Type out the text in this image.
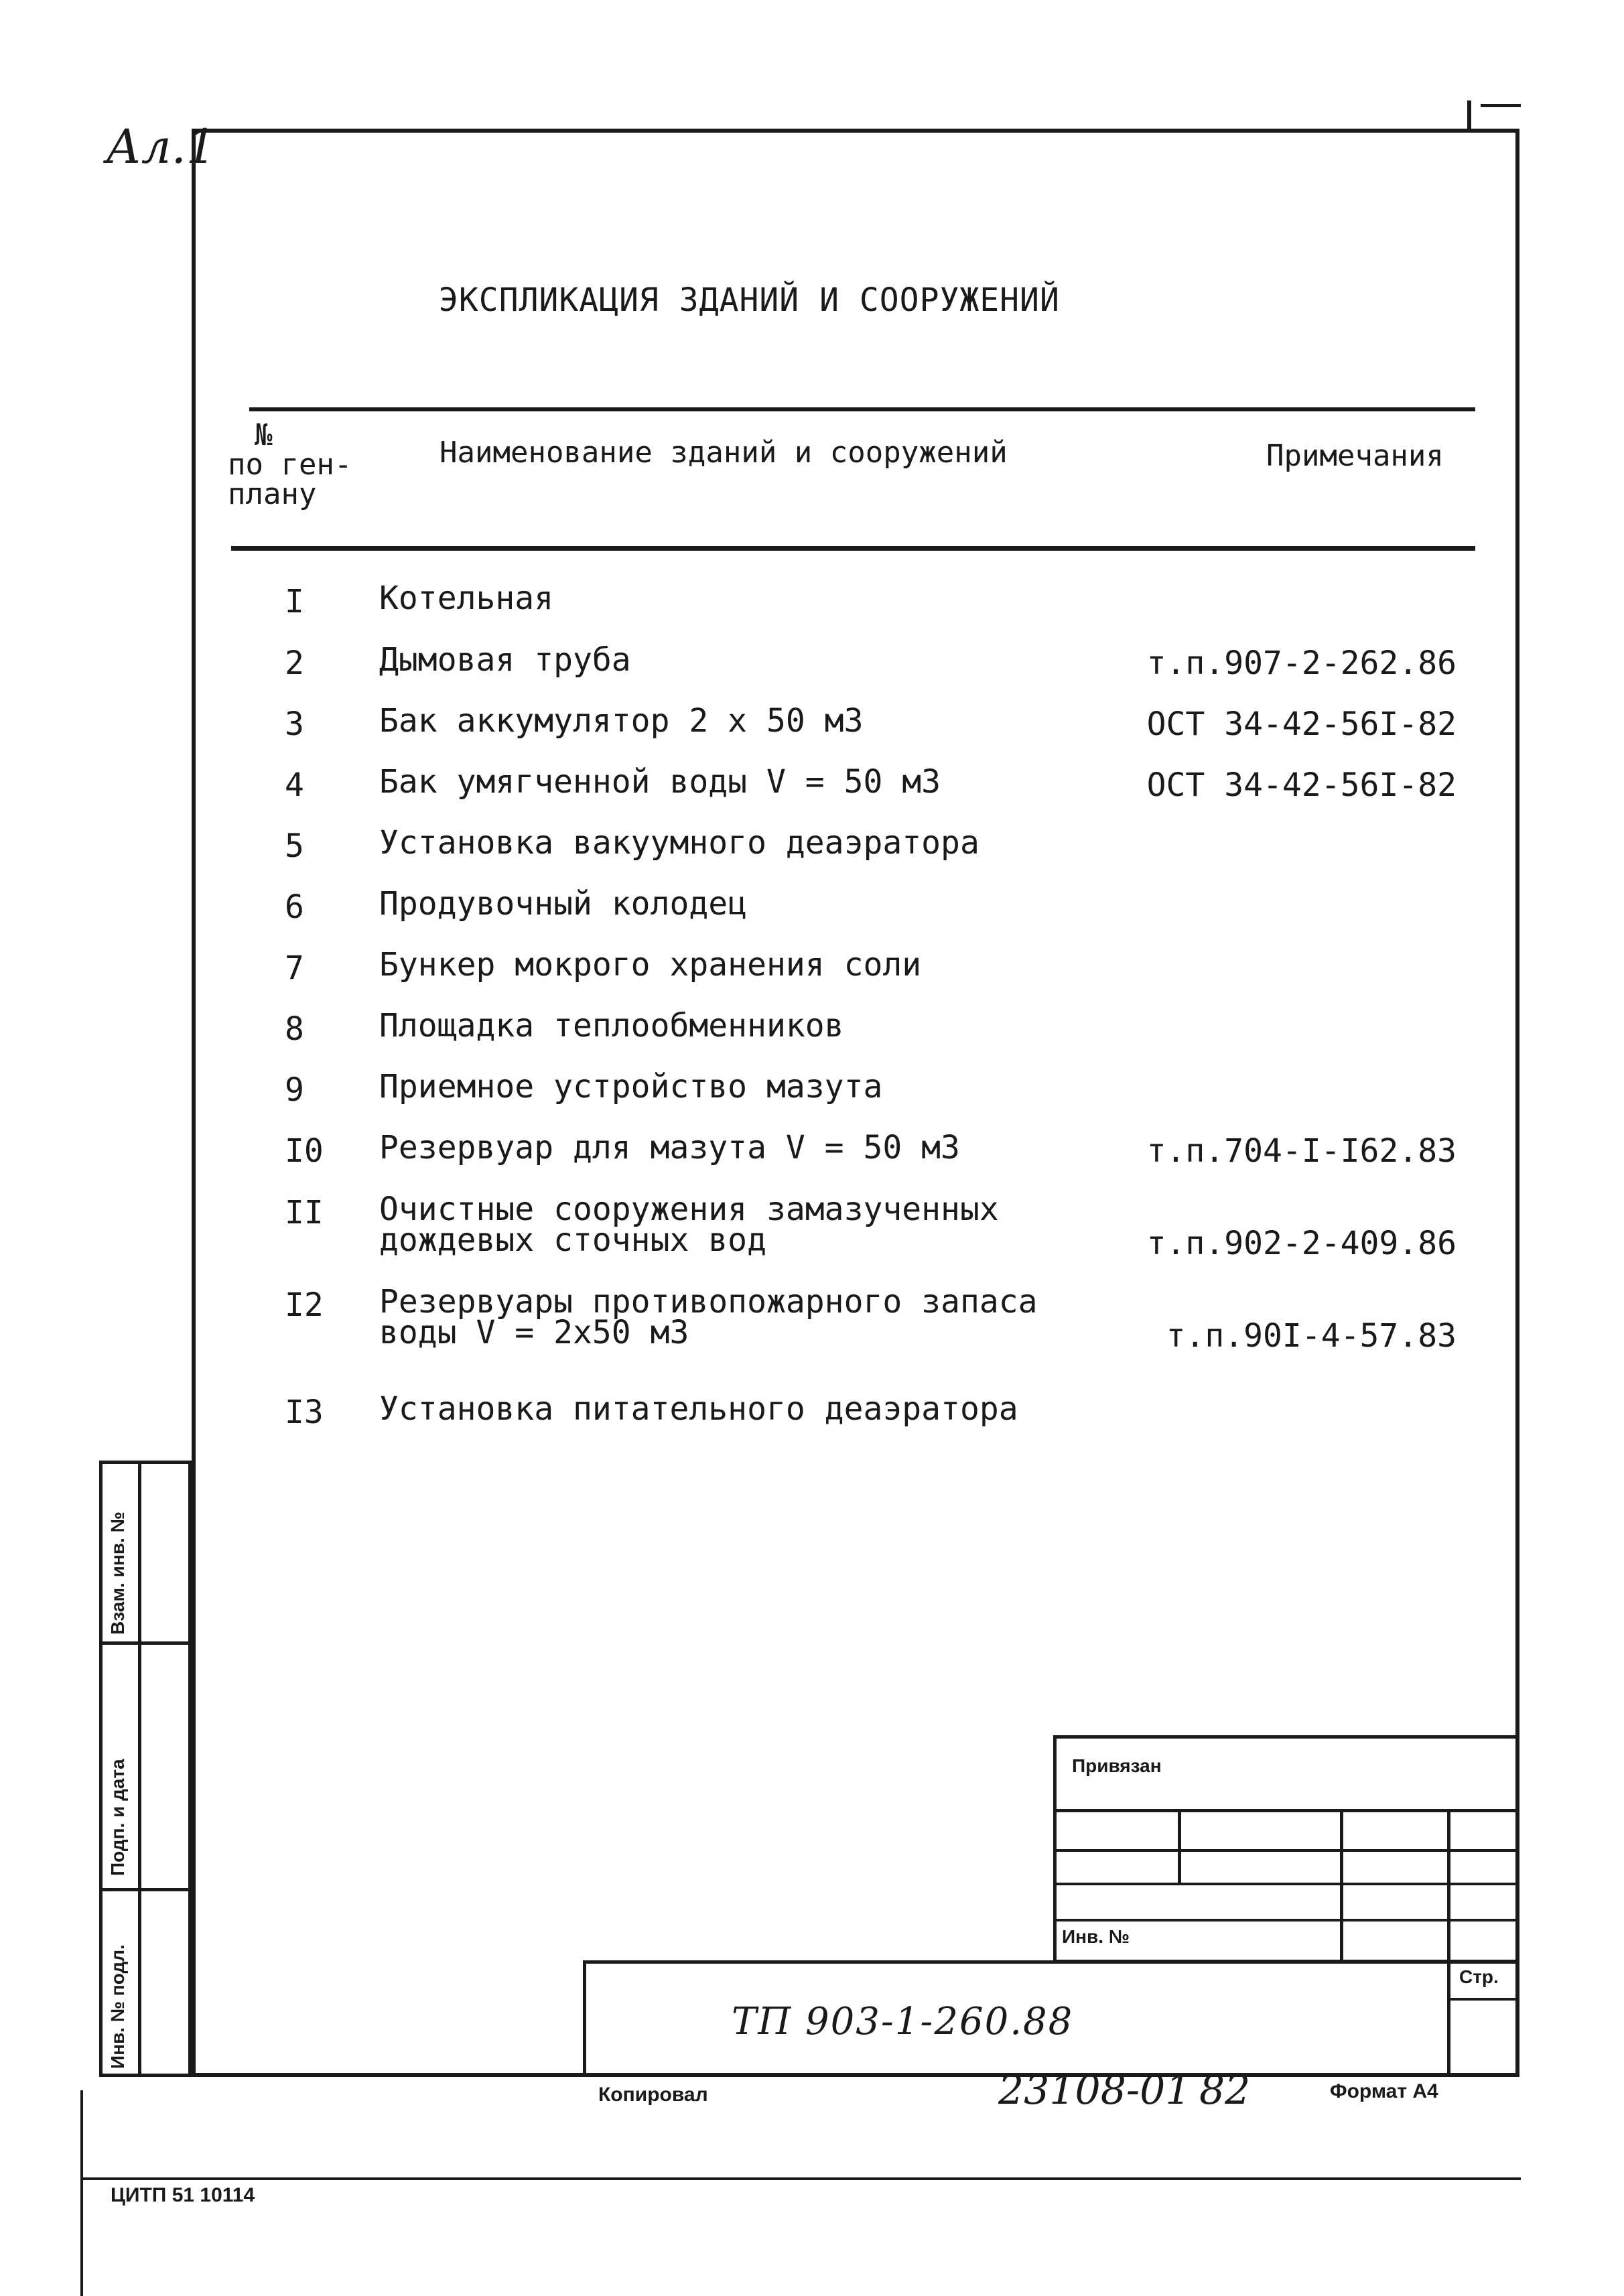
Ал.1
ЭКСПЛИКАЦИЯ ЗДАНИЙ И СООРУЖЕНИЙ
№
по ген-
плану
Наименование зданий и сооружений	Примечания
I	Котельная
2	Дымовая труба	т.п.907-2-262.86
3	Бак аккумулятор 2 х 50 м3	ОСТ 34-42-56I-82
4	Бак умягченной воды V = 50 м3	ОСТ 34-42-56I-82
5	Установка вакуумного деаэратора
6	Продувочный колодец
7	Бункер мокрого хранения соли
8	Площадка теплообменников
9	Приемное устройство мазута
I0	Резервуар для мазута V = 50 м3	т.п.704-I-I62.83
II	Очистные сооружения замазученных
дождевых сточных вод	т.п.902-2-409.86
I2	Резервуары противопожарного запаса
воды V = 2х50 м3	т.п.90I-4-57.83
I3	Установка питательного деаэратора
Взам. инв. №
Подп. и дата
Инв. № подл.
Привязан
Инв. №
Стр.
ТП 903-1-260.88
Копировал	23108-01 82	Формат А4
ЦИТП 51 10114
